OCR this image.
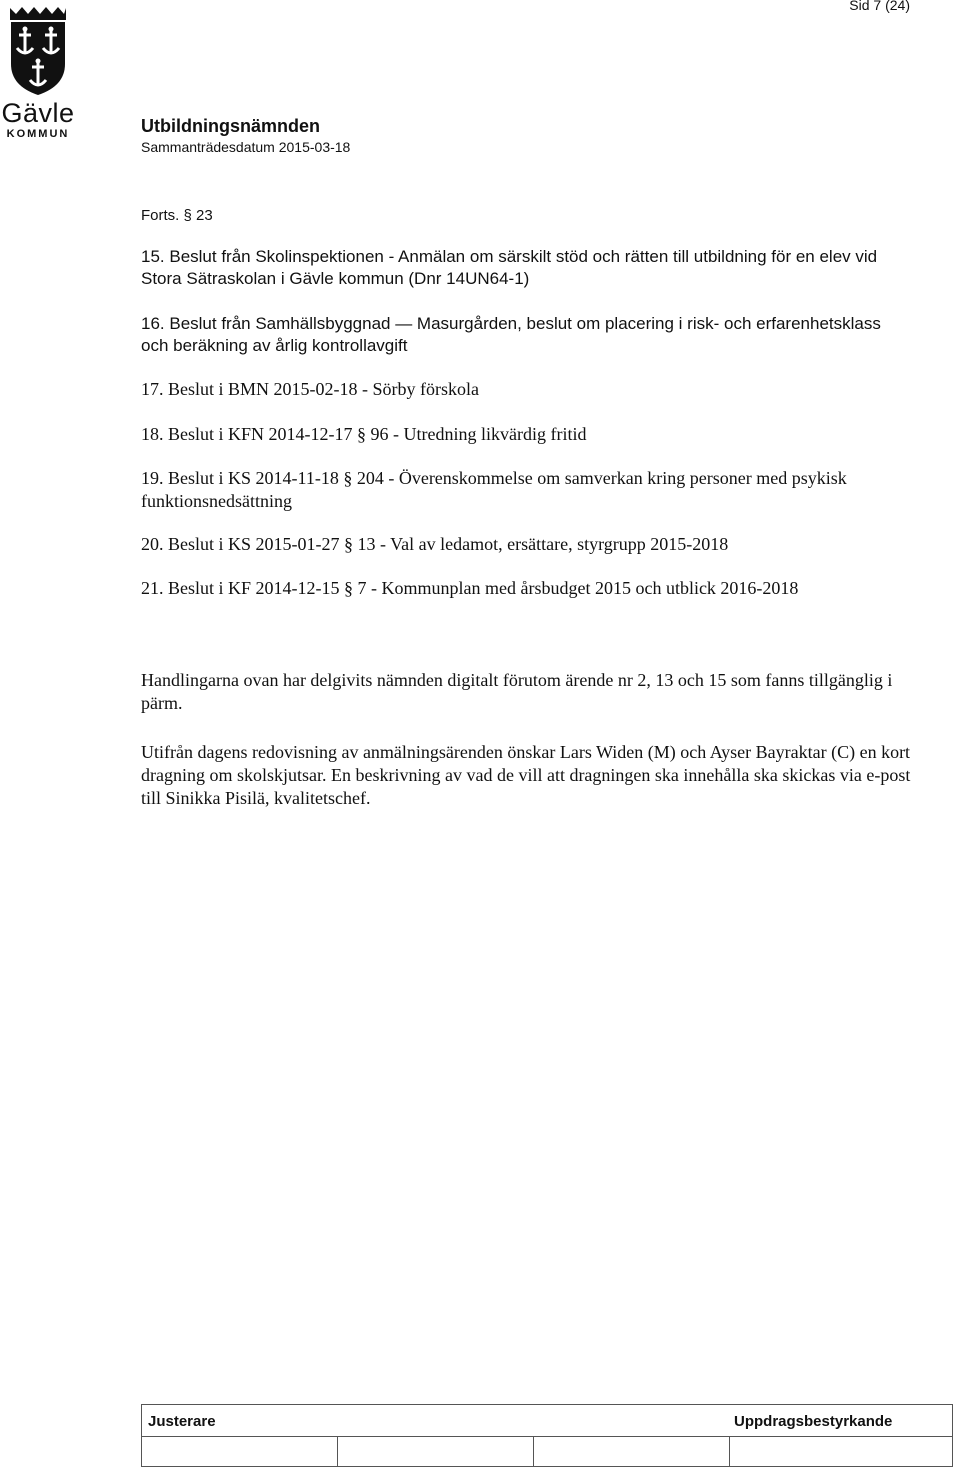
Sid 7 (24)
Gävle
KOMMUN	Utbildningsnämnden
Sammanträdesdatum 2015-03-18
Forts. § 23
15. Beslut från Skolinspektionen - Anmälan om särskilt stöd och rätten till utbildning för en elev vid Stora Sätraskolan i Gävle kommun (Dnr 14UN64-1)
16. Beslut från Samhällsbyggnad — Masurgården, beslut om placering i risk- och erfarenhetsklass och beräkning av årlig kontrollavgift
17. Beslut i BMN 2015-02-18 - Sörby förskola
18. Beslut i KFN 2014-12-17 § 96 - Utredning likvärdig fritid
19. Beslut i KS 2014-11-18 § 204 - Överenskommelse om samverkan kring personer med psykisk funktionsnedsättning
20. Beslut i KS 2015-01-27 § 13 - Val av ledamot, ersättare, styrgrupp 2015-2018
21. Beslut i KF 2014-12-15 § 7 - Kommunplan med årsbudget 2015 och utblick 2016-2018
Handlingarna ovan har delgivits nämnden digitalt förutom ärende nr 2, 13 och 15 som fanns tillgänglig i pärm.
Utifrån dagens redovisning av anmälningsärenden önskar Lars Widen (M) och Ayser Bayraktar (C) en kort dragning om skolskjutsar. En beskrivning av vad de vill att dragningen ska innehålla ska skickas via e-post till Sinikka Pisilä, kvalitetschef.
Justerare	Uppdragsbestyrkande
